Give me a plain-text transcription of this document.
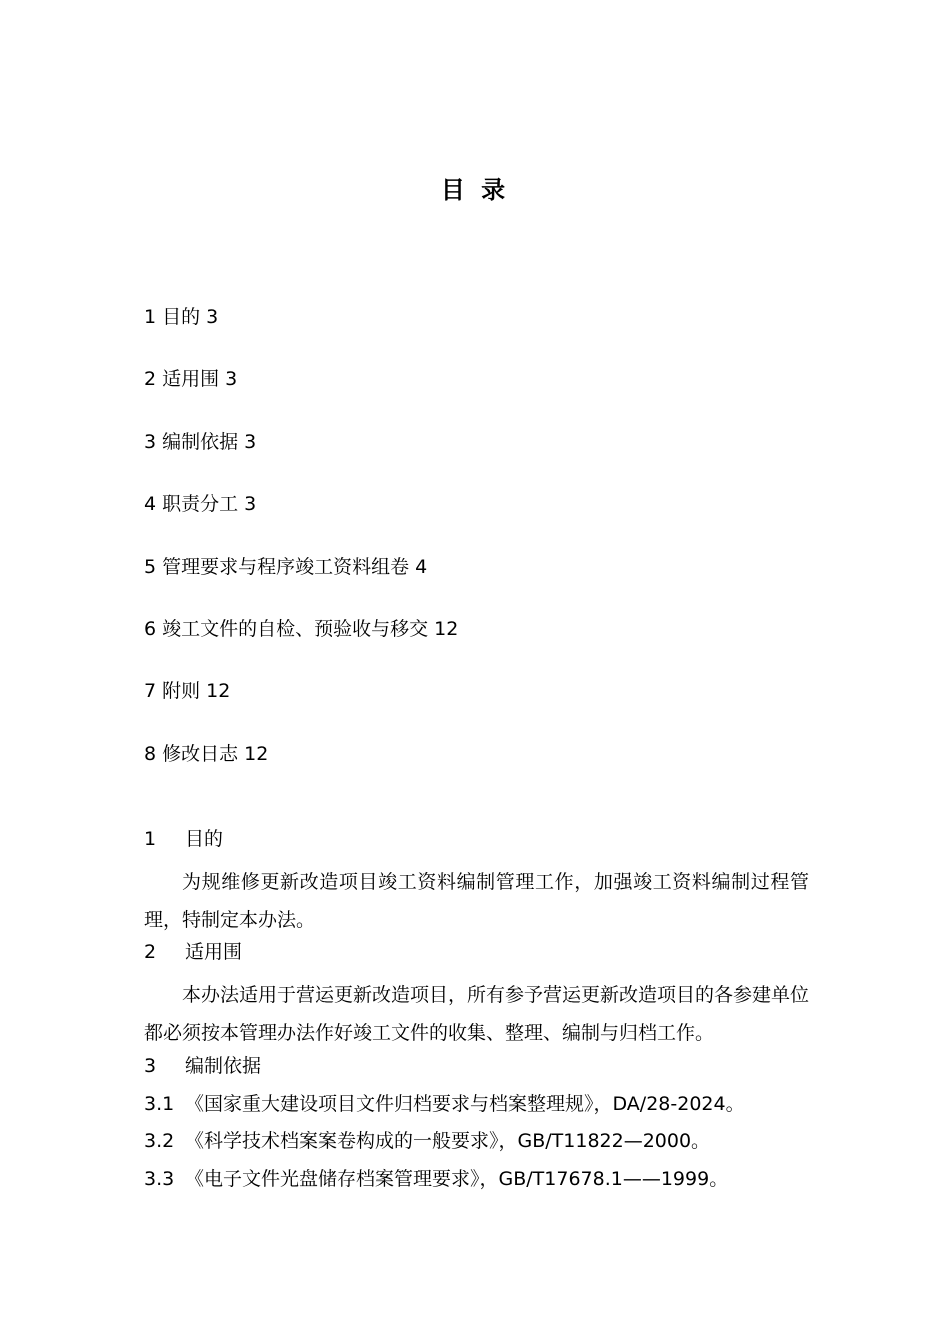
目 录
1 目的 3
2 适用围 3
3 编制依据 3
4 职责分工 3
5 管理要求与程序竣工资料组卷 4
6 竣工文件的自检、预验收与移交 12
7 附则 12
8 修改日志 12
1 目的
为规维修更新改造项目竣工资料编制管理工作，加强竣工资料编制过程管理，特制定本办法。
2 适用围
本办法适用于营运更新改造项目，所有参予营运更新改造项目的各参建单位都必须按本管理办法作好竣工文件的收集、整理、编制与归档工作。
3 编制依据
3.1 《国家重大建设项目文件归档要求与档案整理规》，DA/28-2024。
3.2 《科学技术档案案卷构成的一般要求》，GB/T11822—2000。
3.3 《电子文件光盘储存档案管理要求》，GB/T17678.1——1999。
